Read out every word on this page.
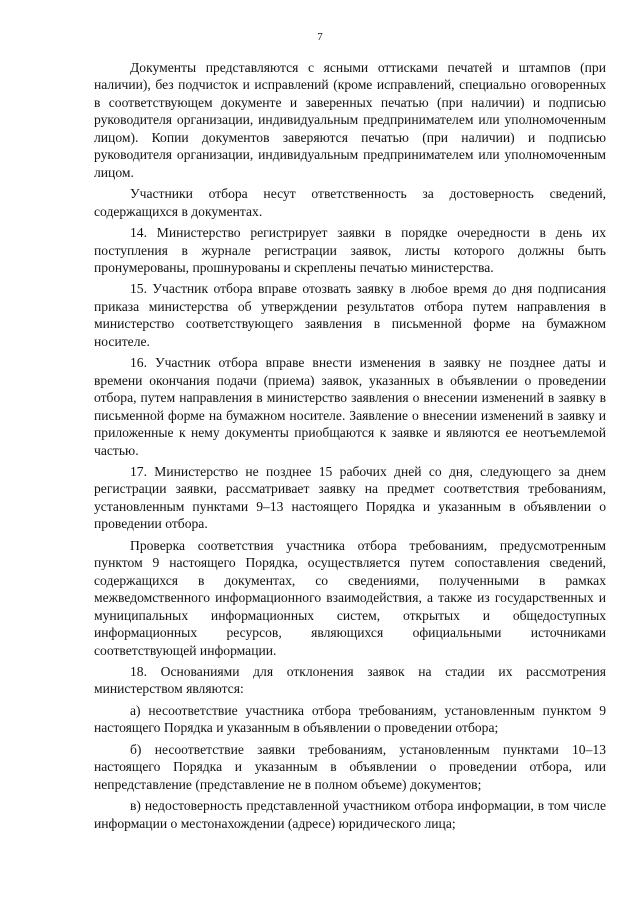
7

Документы представляются с ясными оттисками печатей и штампов (при наличии), без подчисток и исправлений (кроме исправлений, специально оговоренных в соответствующем документе и заверенных печатью (при наличии) и подписью руководителя организации, индивидуальным предпринимателем или уполномоченным лицом). Копии документов заверяются печатью (при наличии) и подписью руководителя организации, индивидуальным предпринимателем или уполномоченным лицом.

Участники отбора несут ответственность за достоверность сведений, содержащихся в документах.

14. Министерство регистрирует заявки в порядке очередности в день их поступления в журнале регистрации заявок, листы которого должны быть пронумерованы, прошнурованы и скреплены печатью министерства.

15. Участник отбора вправе отозвать заявку в любое время до дня подписания приказа министерства об утверждении результатов отбора путем направления в министерство соответствующего заявления в письменной форме на бумажном носителе.

16. Участник отбора вправе внести изменения в заявку не позднее даты и времени окончания подачи (приема) заявок, указанных в объявлении о проведении отбора, путем направления в министерство заявления о внесении изменений в заявку в письменной форме на бумажном носителе. Заявление о внесении изменений в заявку и приложенные к нему документы приобщаются к заявке и являются ее неотъемлемой частью.

17. Министерство не позднее 15 рабочих дней со дня, следующего за днем регистрации заявки, рассматривает заявку на предмет соответствия требованиям, установленным пунктами 9–13 настоящего Порядка и указанным в объявлении о проведении отбора.

Проверка соответствия участника отбора требованиям, предусмотренным пунктом 9 настоящего Порядка, осуществляется путем сопоставления сведений, содержащихся в документах, со сведениями, полученными в рамках межведомственного информационного взаимодействия, а также из государственных и муниципальных информационных систем, открытых и общедоступных информационных ресурсов, являющихся официальными источниками соответствующей информации.

18. Основаниями для отклонения заявок на стадии их рассмотрения министерством являются:

а) несоответствие участника отбора требованиям, установленным пунктом 9 настоящего Порядка и указанным в объявлении о проведении отбора;

б) несоответствие заявки требованиям, установленным пунктами 10–13 настоящего Порядка и указанным в объявлении о проведении отбора, или непредставление (представление не в полном объеме) документов;

в) недостоверность представленной участником отбора информации, в том числе информации о местонахождении (адресе) юридического лица;
